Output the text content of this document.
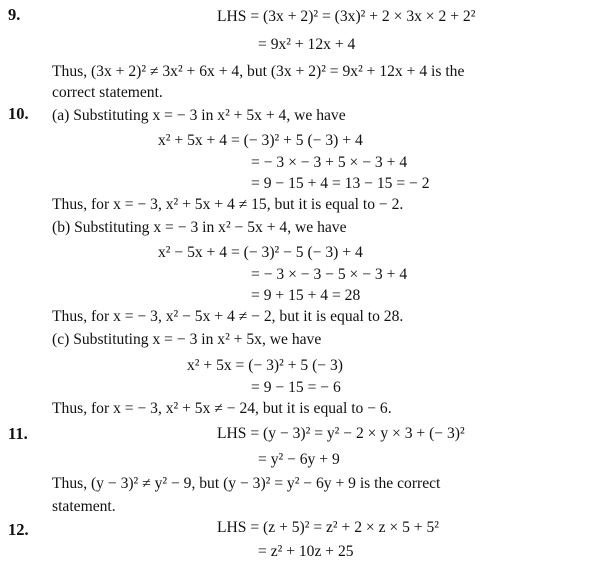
9.	LHS = (3x + 2)² = (3x)² + 2 × 3x × 2 + 2²
= 9x² + 12x + 4
Thus, (3x + 2)² ≠ 3x² + 6x + 4, but (3x + 2)² = 9x² + 12x + 4 is the
correct statement.
10. (a) Substituting x = − 3 in x² + 5x + 4, we have
x² + 5x + 4 = (− 3)² + 5 (− 3) + 4
= − 3 × − 3 + 5 × − 3 + 4
= 9 − 15 + 4 = 13 − 15 = − 2
Thus, for x = − 3, x² + 5x + 4 ≠ 15, but it is equal to − 2.
(b) Substituting x = − 3 in x² − 5x + 4, we have
x² − 5x + 4 = (− 3)² − 5 (− 3) + 4
= − 3 × − 3 − 5 × − 3 + 4
= 9 + 15 + 4 = 28
Thus, for x = − 3, x² − 5x + 4 ≠ − 2, but it is equal to 28.
(c) Substituting x = − 3 in x² + 5x, we have
x² + 5x = (− 3)² + 5 (− 3)
= 9 − 15 = − 6
Thus, for x = − 3, x² + 5x ≠ − 24, but it is equal to − 6.
11.	LHS = (y − 3)² = y² − 2 × y × 3 + (− 3)²
= y² − 6y + 9
Thus, (y − 3)² ≠ y² − 9, but (y − 3)² = y² − 6y + 9 is the correct
statement.
12.	LHS = (z + 5)² = z² + 2 × z × 5 + 5²
= z² + 10z + 25
